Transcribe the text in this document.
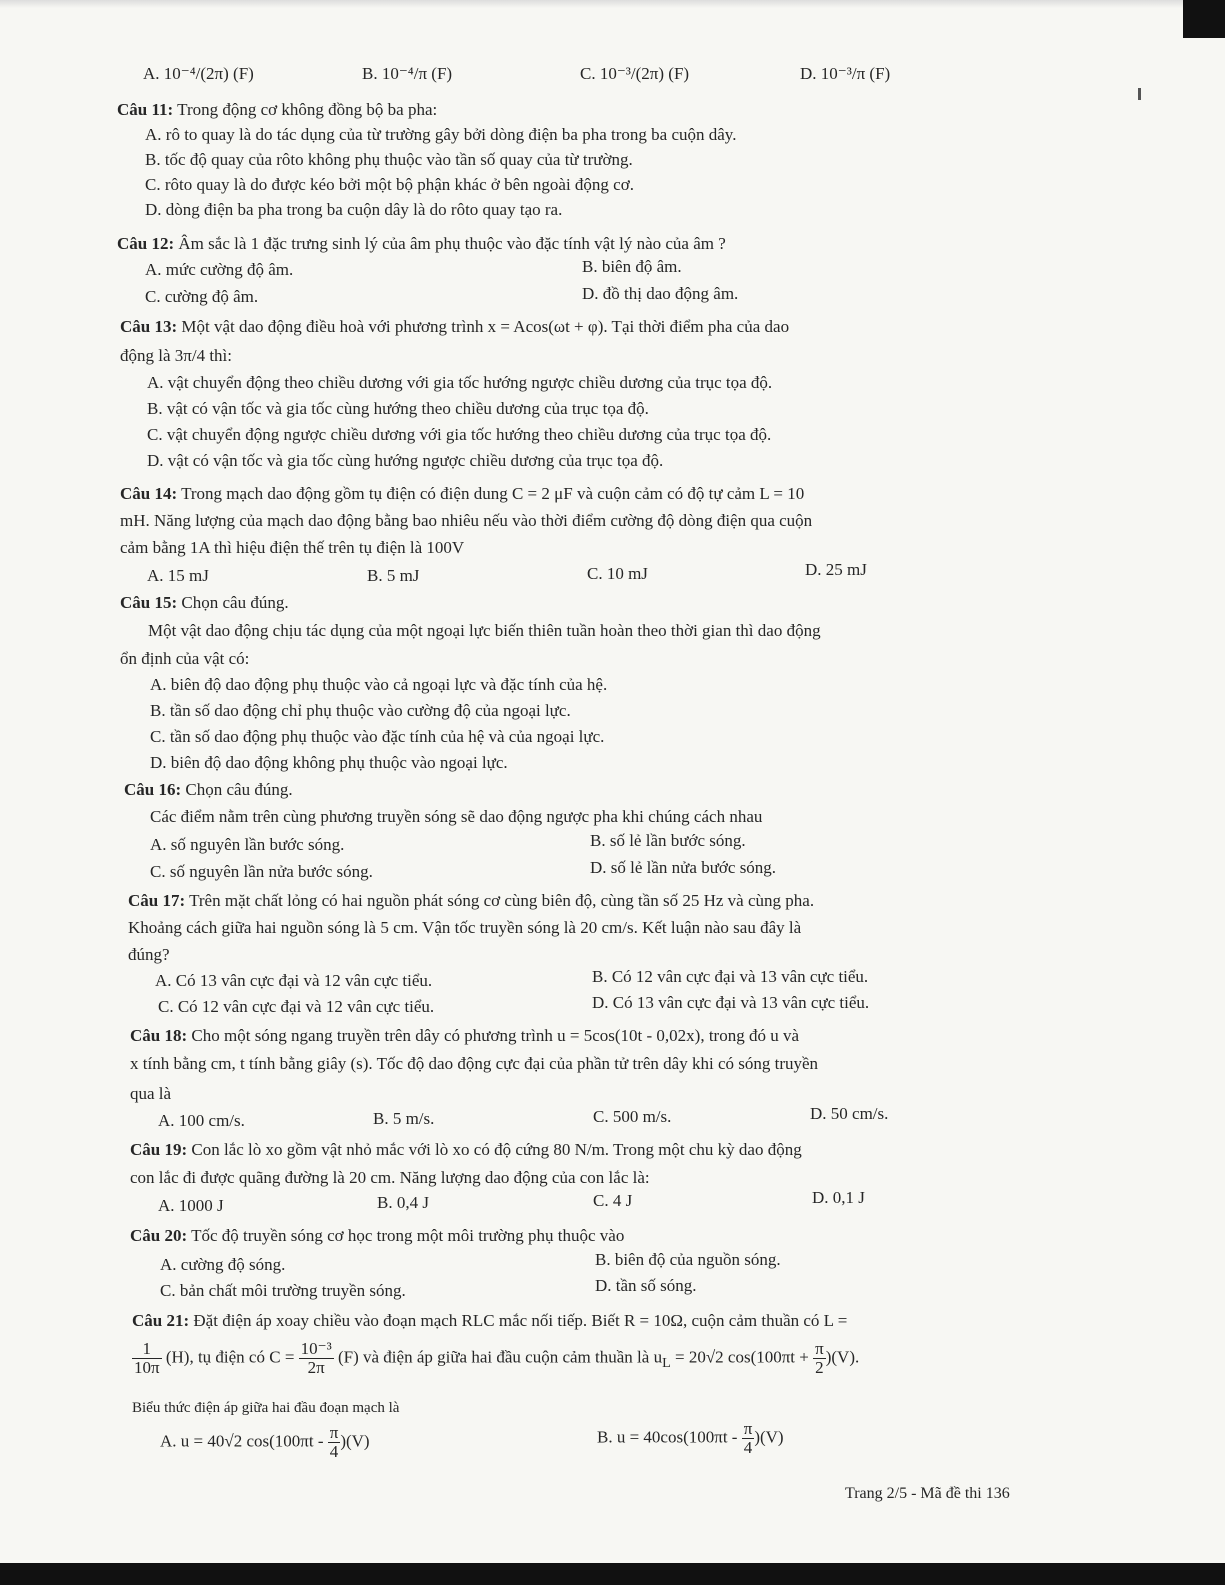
A. 10⁻⁴/(2π) (F)	B. 10⁻⁴/π (F)	C. 10⁻³/(2π) (F)	D. 10⁻³/π (F)
Câu 11: Trong động cơ không đồng bộ ba pha:
A. rô to quay là do tác dụng của từ trường gây bởi dòng điện ba pha trong ba cuộn dây.
B. tốc độ quay của rôto không phụ thuộc vào tần số quay của từ trường.
C. rôto quay là do được kéo bởi một bộ phận khác ở bên ngoài động cơ.
D. dòng điện ba pha trong ba cuộn dây là do rôto quay tạo ra.
Câu 12: Âm sắc là 1 đặc trưng sinh lý của âm phụ thuộc vào đặc tính vật lý nào của âm ?
A. mức cường độ âm.	B. biên độ âm.
C. cường độ âm.	D. đồ thị dao động âm.
Câu 13: Một vật dao động điều hoà với phương trình x = Acos(ωt + φ). Tại thời điểm pha của dao
động là 3π/4 thì:
A. vật chuyển động theo chiều dương với gia tốc hướng ngược chiều dương của trục tọa độ.
B. vật có vận tốc và gia tốc cùng hướng theo chiều dương của trục tọa độ.
C. vật chuyển động ngược chiều dương với gia tốc hướng theo chiều dương của trục tọa độ.
D. vật có vận tốc và gia tốc cùng hướng ngược chiều dương của trục tọa độ.
Câu 14: Trong mạch dao động gồm tụ điện có điện dung C = 2 μF và cuộn cảm có độ tự cảm L = 10
mH. Năng lượng của mạch dao động bằng bao nhiêu nếu vào thời điểm cường độ dòng điện qua cuộn
cảm bằng 1A thì hiệu điện thế trên tụ điện là 100V
A. 15 mJ	B. 5 mJ	C. 10 mJ	D. 25 mJ
Câu 15: Chọn câu đúng.
Một vật dao động chịu tác dụng của một ngoại lực biến thiên tuần hoàn theo thời gian thì dao động
ổn định của vật có:
A. biên độ dao động phụ thuộc vào cả ngoại lực và đặc tính của hệ.
B. tần số dao động chỉ phụ thuộc vào cường độ của ngoại lực.
C. tần số dao động phụ thuộc vào đặc tính của hệ và của ngoại lực.
D. biên độ dao động không phụ thuộc vào ngoại lực.
Câu 16: Chọn câu đúng.
Các điểm nằm trên cùng phương truyền sóng sẽ dao động ngược pha khi chúng cách nhau
A. số nguyên lần bước sóng.	B. số lẻ lần bước sóng.
C. số nguyên lần nửa bước sóng.	D. số lẻ lần nửa bước sóng.
Câu 17: Trên mặt chất lỏng có hai nguồn phát sóng cơ cùng biên độ, cùng tần số 25 Hz và cùng pha.
Khoảng cách giữa hai nguồn sóng là 5 cm. Vận tốc truyền sóng là 20 cm/s. Kết luận nào sau đây là
đúng?
A. Có 13 vân cực đại và 12 vân cực tiểu.	B. Có 12 vân cực đại và 13 vân cực tiểu.
C. Có 12 vân cực đại và 12 vân cực tiểu.	D. Có 13 vân cực đại và 13 vân cực tiểu.
Câu 18: Cho một sóng ngang truyền trên dây có phương trình u = 5cos(10t - 0,02x), trong đó u và
x tính bằng cm, t tính bằng giây (s). Tốc độ dao động cực đại của phần tử trên dây khi có sóng truyền
qua là
A. 100 cm/s.	B. 5 m/s.	C. 500 m/s.	D. 50 cm/s.
Câu 19: Con lắc lò xo gồm vật nhỏ mắc với lò xo có độ cứng 80 N/m. Trong một chu kỳ dao động
con lắc đi được quãng đường là 20 cm. Năng lượng dao động của con lắc là:
A. 1000 J	B. 0,4 J	C. 4 J	D. 0,1 J
Câu 20: Tốc độ truyền sóng cơ học trong một môi trường phụ thuộc vào
A. cường độ sóng.	B. biên độ của nguồn sóng.
C. bản chất môi trường truyền sóng.	D. tần số sóng.
Câu 21: Đặt điện áp xoay chiều vào đoạn mạch RLC mắc nối tiếp. Biết R = 10Ω, cuộn cảm thuần có L =
$\frac{1}{10\pi} (H)$, tụ điện có $C = \frac{\text{10⁻³}}{2\pi} (F)$ và điện áp giữa hai đầu cuộn cảm thuần là $u_L = 20√2$ $\cos(100\pi t + \frac{\pi}{2} )(V)$.
Biểu thức điện áp giữa hai đầu đoạn mạch là
A. u = 40√2 $\cos(100\pi t - \frac{\pi}{4} )(V)$	B. $u = 40\cos(100\pi t - \frac{\pi}{4} )(V)$
Trang 2/5 - Mã đề thi 136
